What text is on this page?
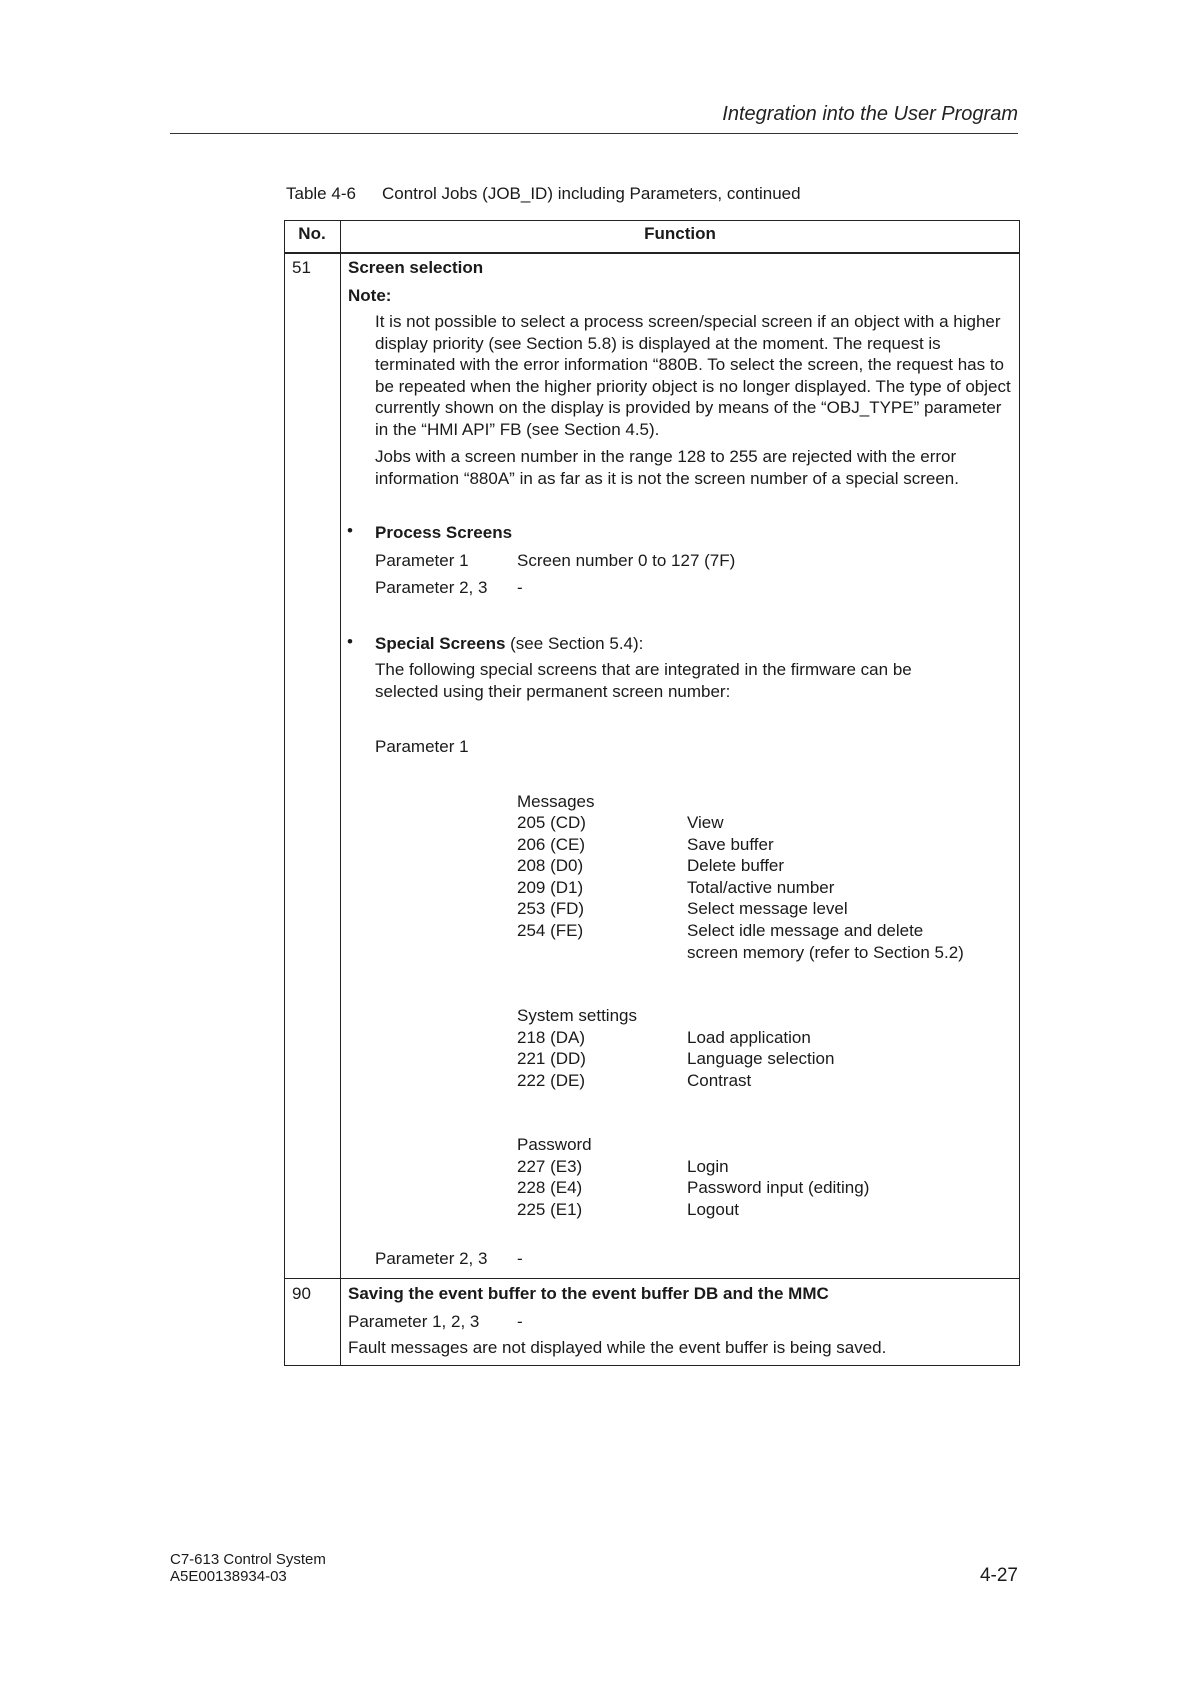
Integration into the User Program
Table 4-6 Control Jobs (JOB_ID) including Parameters, continued
No.	Function
51 Screen selection
Note:
It is not possible to select a process screen/special screen if an object with a higher display priority (see Section 5.8) is displayed at the moment. The request is terminated with the error information “880B. To select the screen, the request has to be repeated when the higher priority object is no longer displayed. The type of object currently shown on the display is provided by means of the “OBJ_TYPE” parameter in the “HMI API” FB (see Section 4.5).
Jobs with a screen number in the range 128 to 255 are rejected with the error information “880A” in as far as it is not the screen number of a special screen.
• Process Screens
Parameter 1	Screen number 0 to 127 (7F)
Parameter 2, 3 -
• Special Screens (see Section 5.4):
The following special screens that are integrated in the firmware can be selected using their permanent screen number:
Parameter 1
Messages
205 (CD)	View
206 (CE)	Save buffer
208 (D0)	Delete buffer
209 (D1)	Total/active number
253 (FD)	Select message level
254 (FE)	Select idle message and delete
screen memory (refer to Section 5.2)
System settings
218 (DA)	Load application
221 (DD)	Language selection
222 (DE)	Contrast
Password
227 (E3)	Login
228 (E4)	Password input (editing)
225 (E1)	Logout
Parameter 2, 3 -
90 Saving the event buffer to the event buffer DB and the MMC
Parameter 1, 2, 3 -
Fault messages are not displayed while the event buffer is being saved.
C7-613 Control System
A5E00138934-03	4-27
